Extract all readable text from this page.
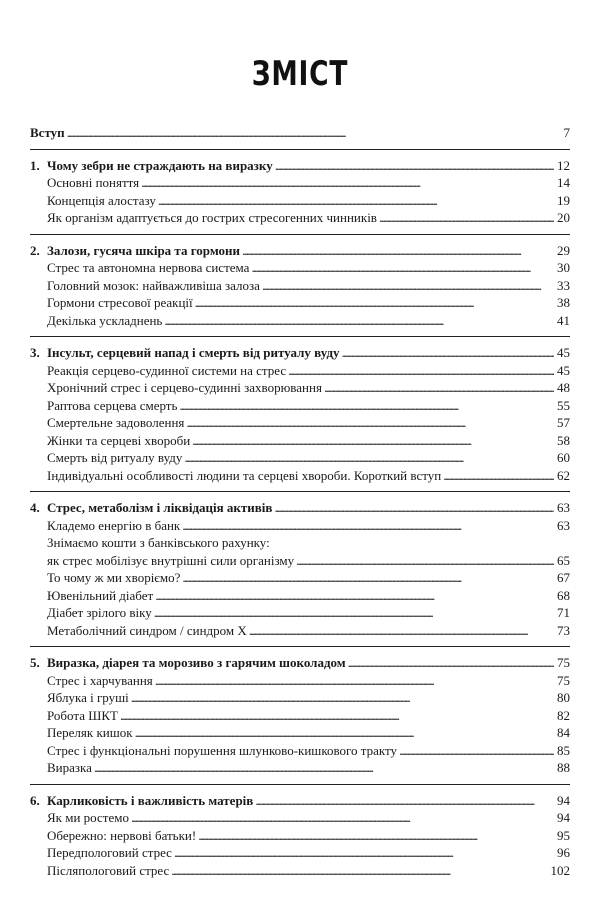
ЗМІСТ
Вступ . . .	7
1. Чому зебри не страждають на виразку . . .	12
Основні поняття . . .	14
Концепція алостазу . . .	19
Як організм адаптується до гострих стресогенних чинників . . .	20
2. Залози, гусяча шкіра та гормони . . .	29
Стрес та автономна нервова система . . .	30
Головний мозок: найважливіша залоза . . .	33
Гормони стресової реакції . . .	38
Декілька ускладнень . . .	41
3. Інсульт, серцевий напад і смерть від ритуалу вуду . . .	45
Реакція серцево-судинної системи на стрес . . .	45
Хронічний стрес і серцево-судинні захворювання . . .	48
Раптова серцева смерть . . .	55
Смертельне задоволення . . .	57
Жінки та серцеві хвороби . . .	58
Смерть від ритуалу вуду . . .	60
Індивідуальні особливості людини та серцеві хвороби. Короткий вступ . . .	62
4. Стрес, метаболізм і ліквідація активів . . .	63
Кладемо енергію в банк . . .	63
Знімаємо кошти з банківського рахунку:
як стрес мобілізує внутрішні сили організму . . .	65
То чому ж ми хворіємо? . . .	67
Ювенільний діабет . . .	68
Діабет зрілого віку . . .	71
Метаболічний синдром / синдром Х . . .	73
5. Виразка, діарея та морозиво з гарячим шоколадом . . .	75
Стрес і харчування . . .	75
Яблука і груші . . .	80
Робота ШКТ . . .	82
Переляк кишок . . .	84
Стрес і функціональні порушення шлунково-кишкового тракту . . .	85
Виразка . . .	88
6. Карликовість і важливість матерів . . .	94
Як ми ростемо . . .	94
Обережно: нервові батьки! . . .	95
Передпологовий стрес . . .	96
Післяпологовий стрес . . .	102
